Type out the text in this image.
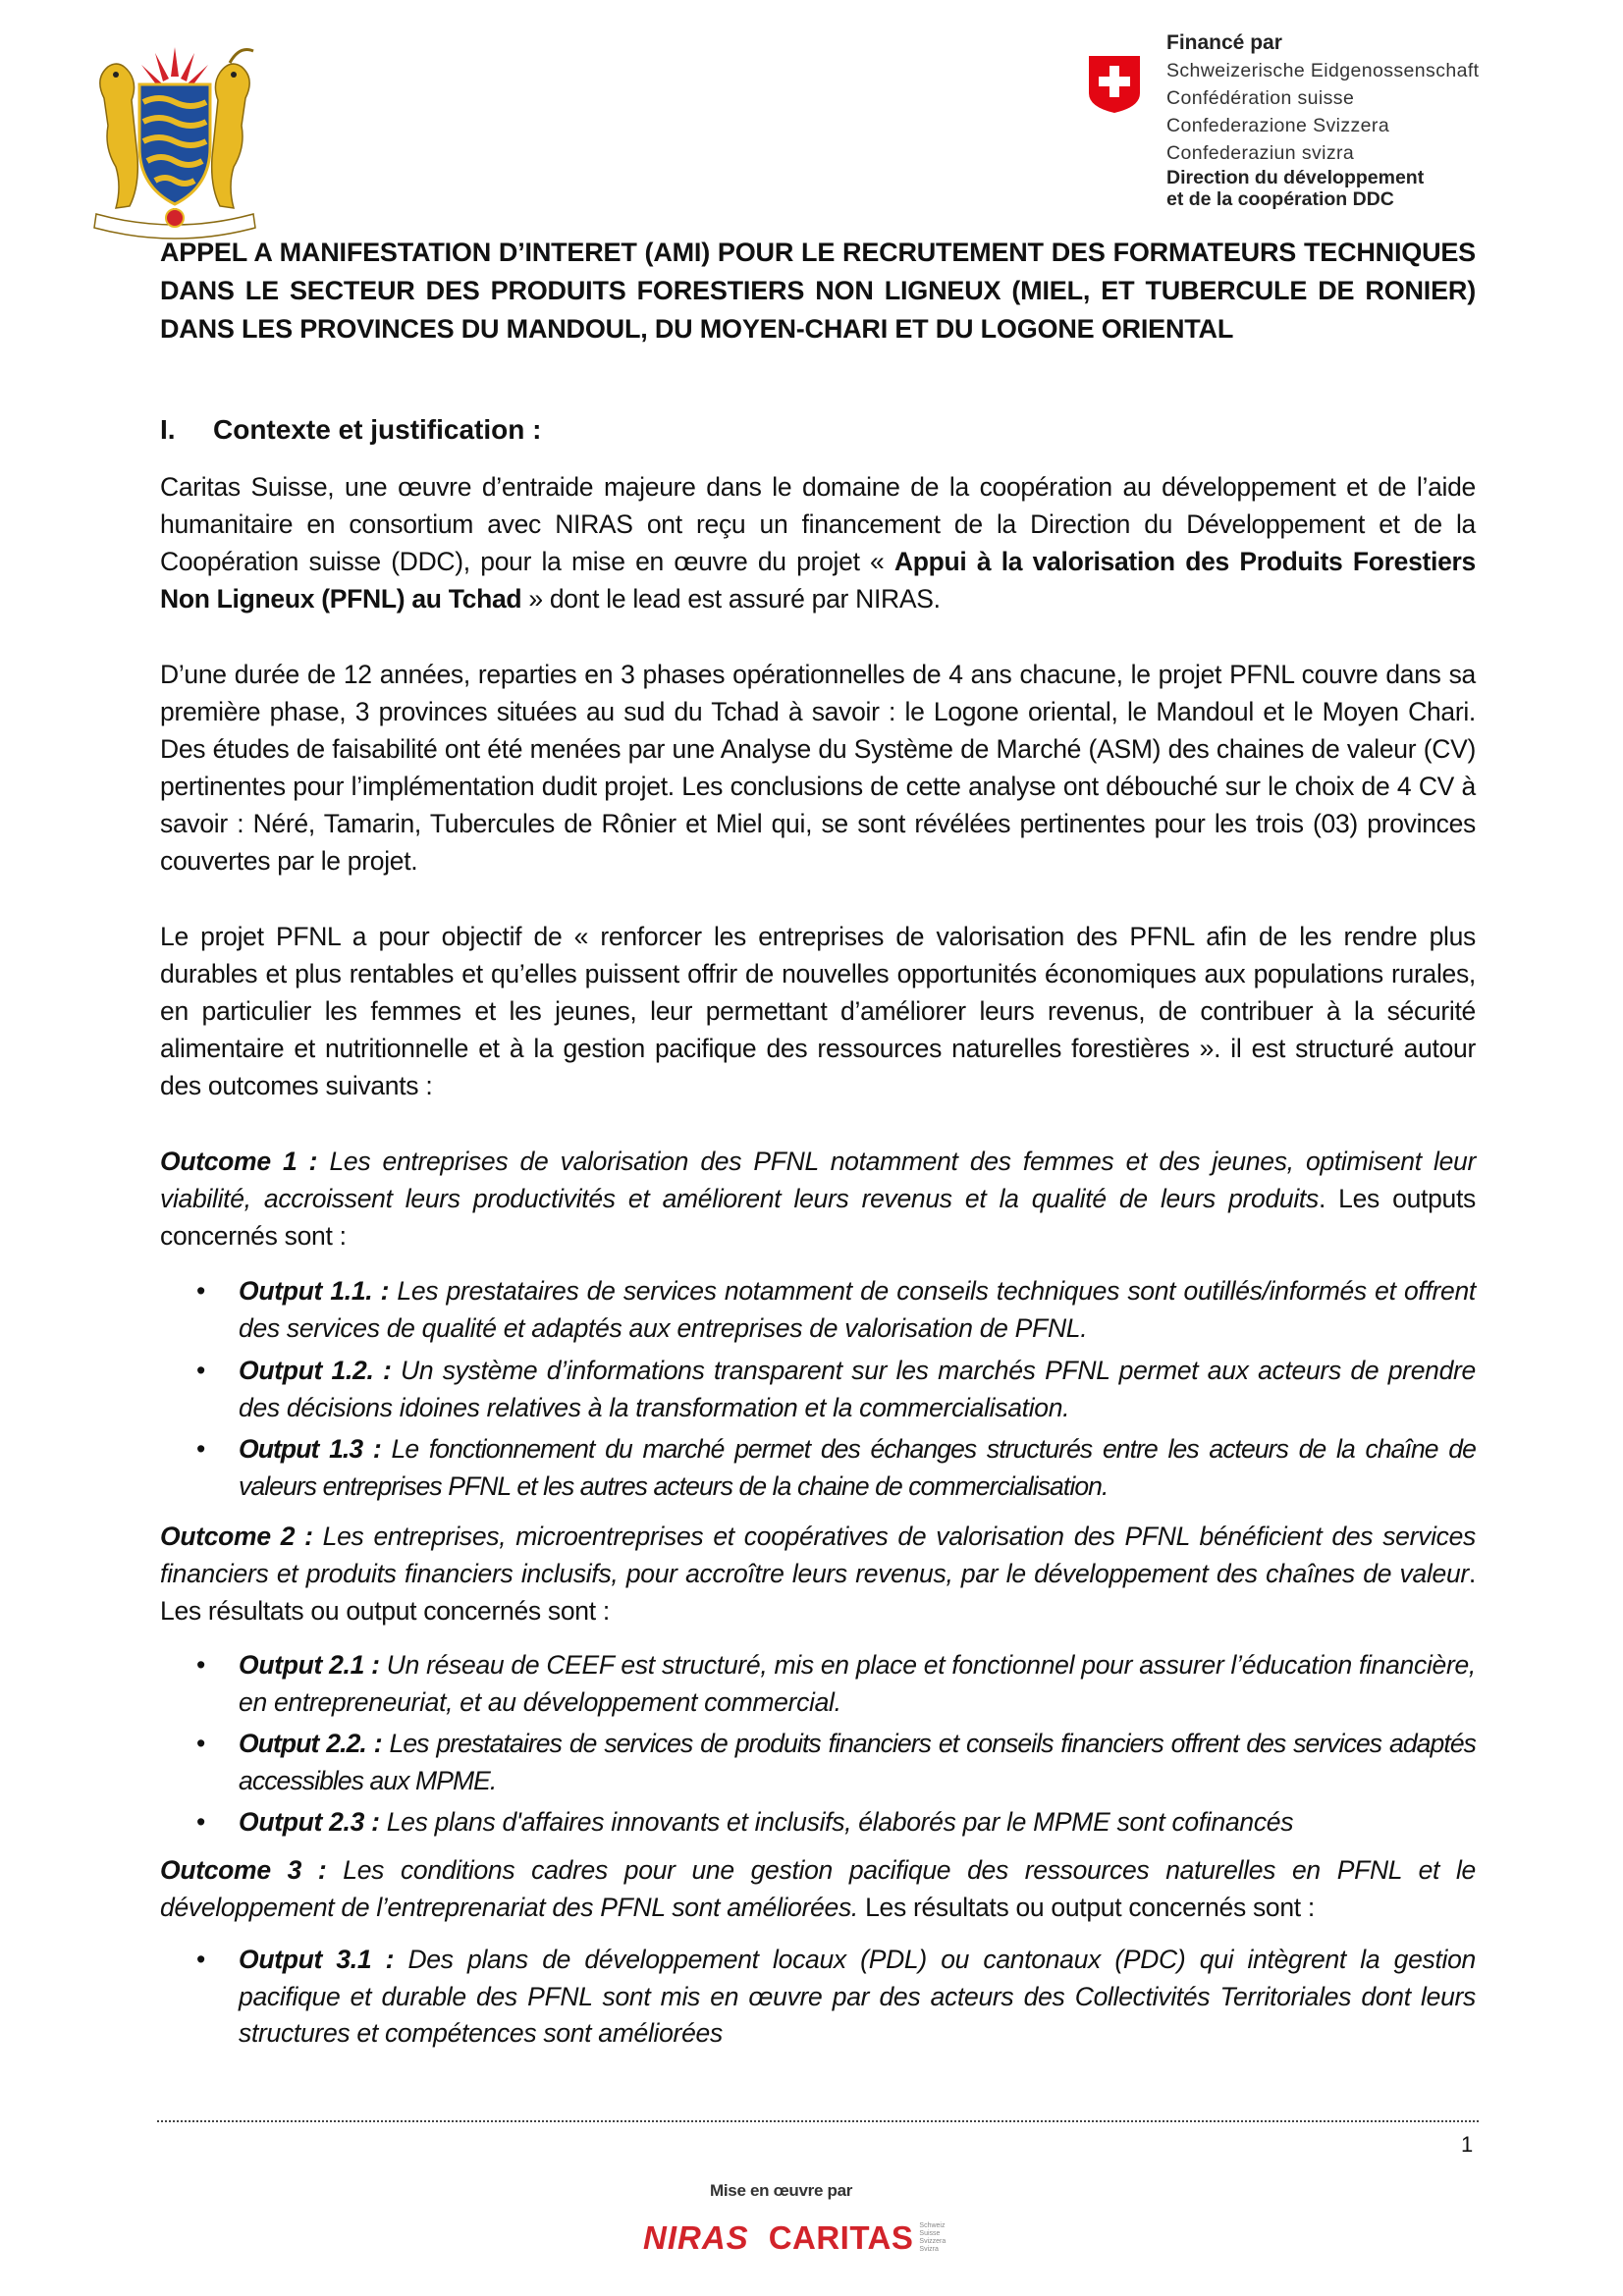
Financé par
Schweizerische Eidgenossenschaft
Confédération suisse
Confederazione Svizzera
Confederaziun svizra
Direction du développement
et de la coopération DDC
APPEL A MANIFESTATION D’INTERET (AMI) POUR LE RECRUTEMENT DES FORMATEURS TECHNIQUES DANS LE SECTEUR DES PRODUITS FORESTIERS NON LIGNEUX (MIEL, ET TUBERCULE DE RONIER) DANS LES PROVINCES DU MANDOUL, DU MOYEN-CHARI ET DU LOGONE ORIENTAL
I. Contexte et justification :
Caritas Suisse, une œuvre d’entraide majeure dans le domaine de la coopération au développement et de l’aide humanitaire en consortium avec NIRAS ont reçu un financement de la Direction du Développement et de la Coopération suisse (DDC), pour la mise en œuvre du projet « Appui à la valorisation des Produits Forestiers Non Ligneux (PFNL) au Tchad » dont le lead est assuré par NIRAS.
D’une durée de 12 années, reparties en 3 phases opérationnelles de 4 ans chacune, le projet PFNL couvre dans sa première phase, 3 provinces situées au sud du Tchad à savoir : le Logone oriental, le Mandoul et le Moyen Chari. Des études de faisabilité ont été menées par une Analyse du Système de Marché (ASM) des chaines de valeur (CV) pertinentes pour l’implémentation dudit projet. Les conclusions de cette analyse ont débouché sur le choix de 4 CV à savoir : Néré, Tamarin, Tubercules de Rônier et Miel qui, se sont révélées pertinentes pour les trois (03) provinces couvertes par le projet.
Le projet PFNL a pour objectif de « renforcer les entreprises de valorisation des PFNL afin de les rendre plus durables et plus rentables et qu’elles puissent offrir de nouvelles opportunités économiques aux populations rurales, en particulier les femmes et les jeunes, leur permettant d’améliorer leurs revenus, de contribuer à la sécurité alimentaire et nutritionnelle et à la gestion pacifique des ressources naturelles forestières ». il est structuré autour des outcomes suivants :
Outcome 1 : Les entreprises de valorisation des PFNL notamment des femmes et des jeunes, optimisent leur viabilité, accroissent leurs productivités et améliorent leurs revenus et la qualité de leurs produits. Les outputs concernés sont :
•	Output 1.1. : Les prestataires de services notamment de conseils techniques sont outillés/informés et offrent des services de qualité et adaptés aux entreprises de valorisation de PFNL.
•	Output 1.2. : Un système d’informations transparent sur les marchés PFNL permet aux acteurs de prendre des décisions idoines relatives à la transformation et la commercialisation.
•	Output 1.3 : Le fonctionnement du marché permet des échanges structurés entre les acteurs de la chaîne de valeurs entreprises PFNL et les autres acteurs de la chaine de commercialisation.
Outcome 2 : Les entreprises, microentreprises et coopératives de valorisation des PFNL bénéficient des services financiers et produits financiers inclusifs, pour accroître leurs revenus, par le développement des chaînes de valeur. Les résultats ou output concernés sont :
•	Output 2.1 : Un réseau de CEEF est structuré, mis en place et fonctionnel pour assurer l’éducation financière, en entrepreneuriat, et au développement commercial.
•	Output 2.2. : Les prestataires de services de produits financiers et conseils financiers offrent des services adaptés accessibles aux MPME.
•	Output 2.3 : Les plans d'affaires innovants et inclusifs, élaborés par le MPME sont cofinancés
Outcome 3 : Les conditions cadres pour une gestion pacifique des ressources naturelles en PFNL et le développement de l’entreprenariat des PFNL sont améliorées. Les résultats ou output concernés sont :
•	Output 3.1 : Des plans de développement locaux (PDL) ou cantonaux (PDC) qui intègrent la gestion pacifique et durable des PFNL sont mis en œuvre par des acteurs des Collectivités Territoriales dont leurs structures et compétences sont améliorées
1
Mise en œuvre par
NIRAS CARITAS Schweiz
Suisse
Svizzera
Svizra
